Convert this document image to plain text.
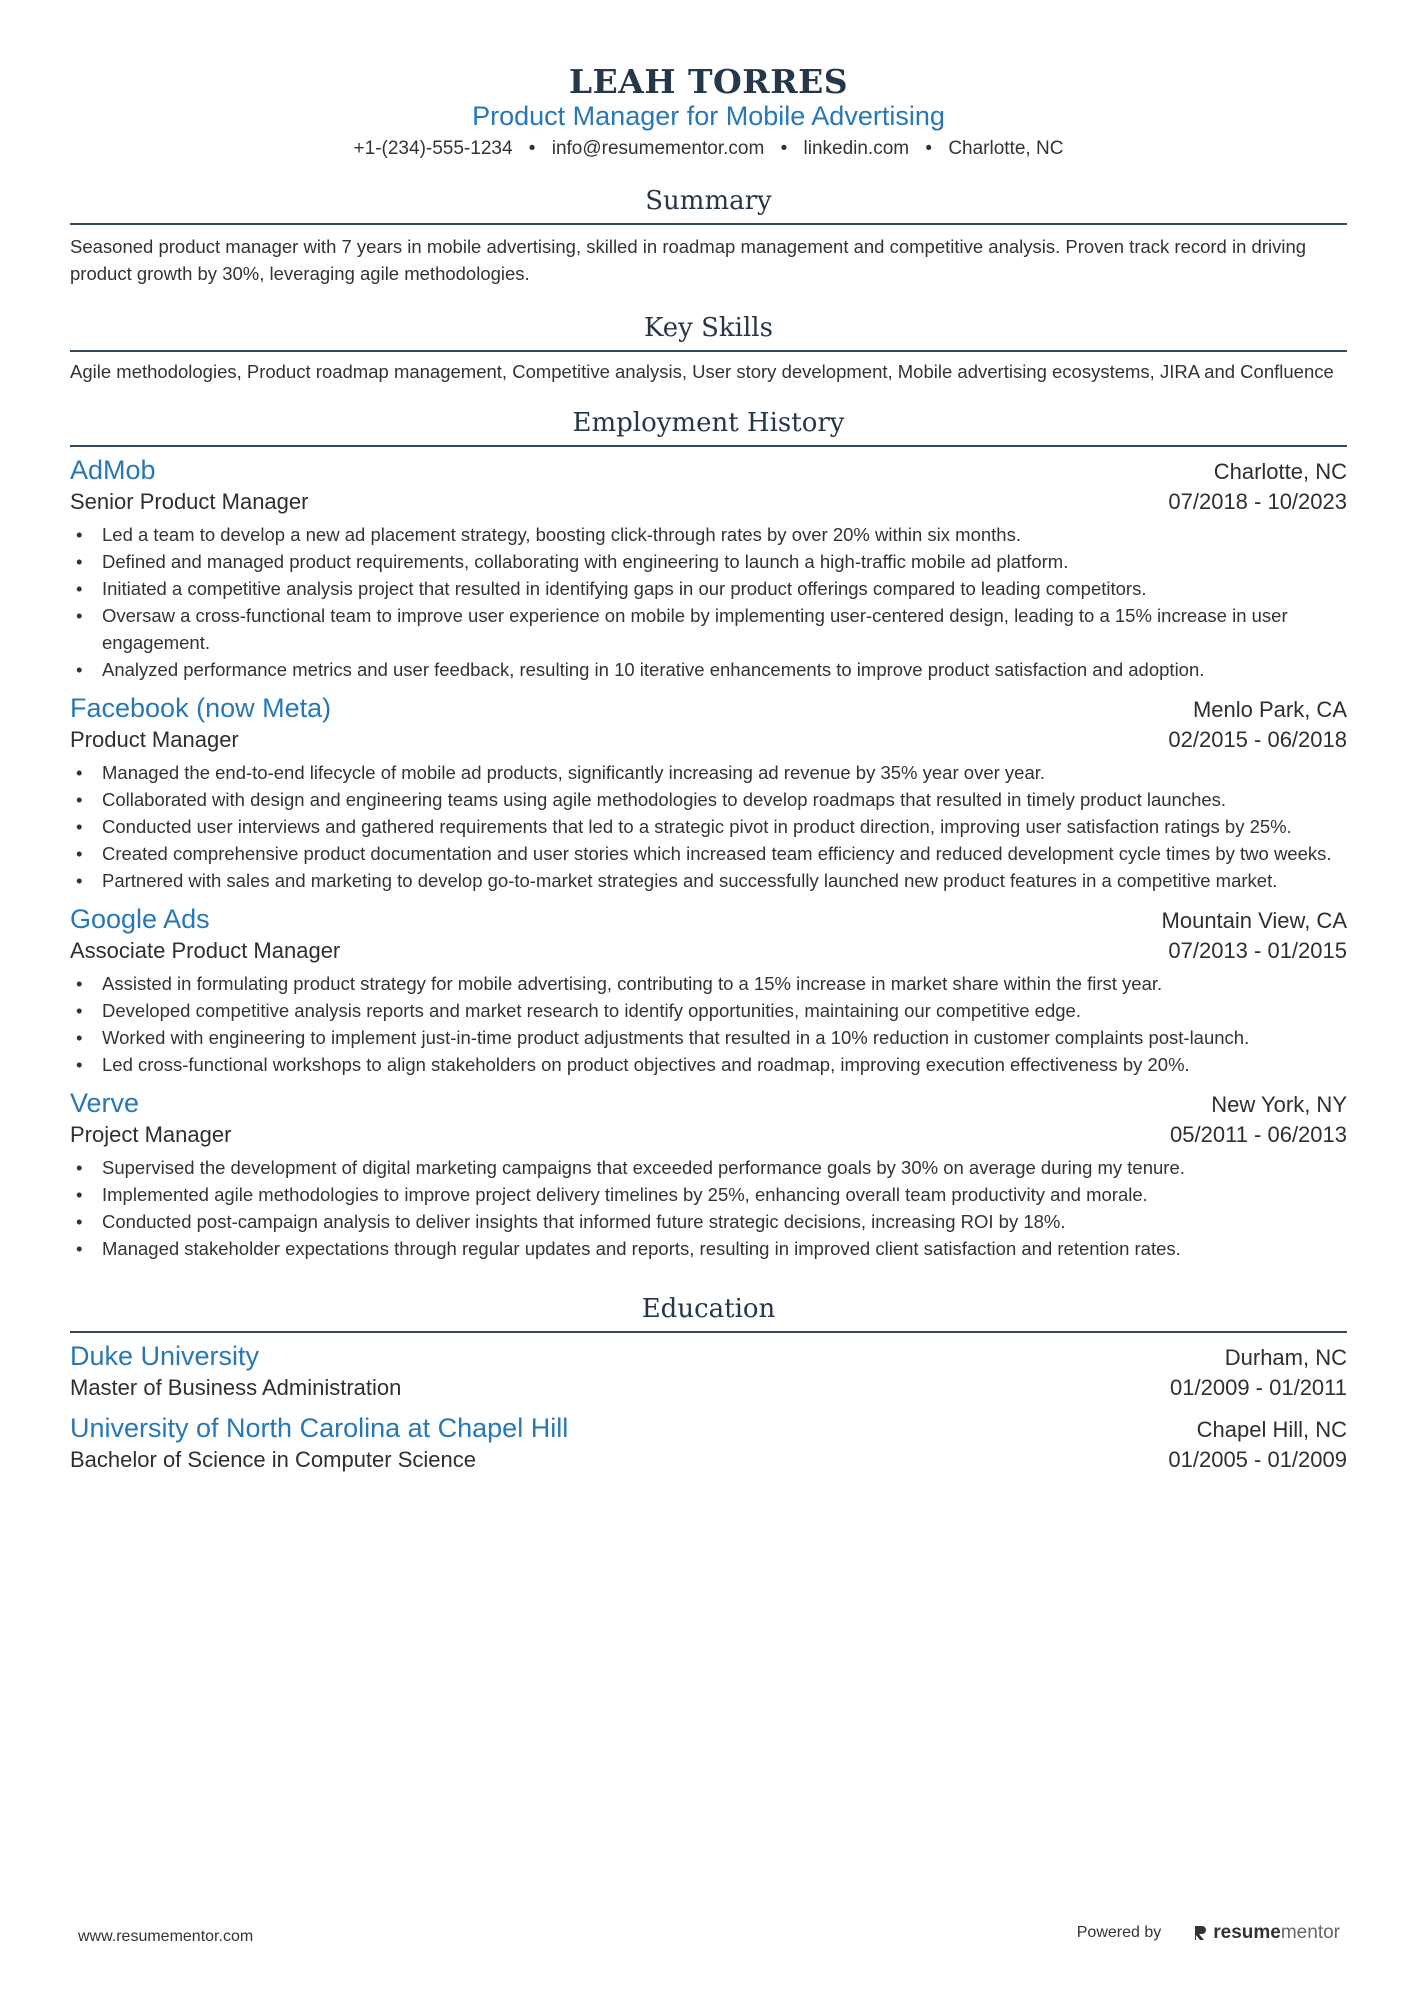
LEAH TORRES
Product Manager for Mobile Advertising
+1-(234)-555-1234 • info@resumementor.com • linkedin.com • Charlotte, NC
Summary
Seasoned product manager with 7 years in mobile advertising, skilled in roadmap management and competitive analysis. Proven track record in driving product growth by 30%, leveraging agile methodologies.
Key Skills
Agile methodologies, Product roadmap management, Competitive analysis, User story development, Mobile advertising ecosystems, JIRA and Confluence
Employment History
AdMob	Charlotte, NC
Senior Product Manager	07/2018 - 10/2023
• Led a team to develop a new ad placement strategy, boosting click-through rates by over 20% within six months.
• Defined and managed product requirements, collaborating with engineering to launch a high-traffic mobile ad platform.
• Initiated a competitive analysis project that resulted in identifying gaps in our product offerings compared to leading competitors.
• Oversaw a cross-functional team to improve user experience on mobile by implementing user-centered design, leading to a 15% increase in user engagement.
• Analyzed performance metrics and user feedback, resulting in 10 iterative enhancements to improve product satisfaction and adoption.
Facebook (now Meta)	Menlo Park, CA
Product Manager	02/2015 - 06/2018
• Managed the end-to-end lifecycle of mobile ad products, significantly increasing ad revenue by 35% year over year.
• Collaborated with design and engineering teams using agile methodologies to develop roadmaps that resulted in timely product launches.
• Conducted user interviews and gathered requirements that led to a strategic pivot in product direction, improving user satisfaction ratings by 25%.
• Created comprehensive product documentation and user stories which increased team efficiency and reduced development cycle times by two weeks.
• Partnered with sales and marketing to develop go-to-market strategies and successfully launched new product features in a competitive market.
Google Ads	Mountain View, CA
Associate Product Manager	07/2013 - 01/2015
• Assisted in formulating product strategy for mobile advertising, contributing to a 15% increase in market share within the first year.
• Developed competitive analysis reports and market research to identify opportunities, maintaining our competitive edge.
• Worked with engineering to implement just-in-time product adjustments that resulted in a 10% reduction in customer complaints post-launch.
• Led cross-functional workshops to align stakeholders on product objectives and roadmap, improving execution effectiveness by 20%.
Verve	New York, NY
Project Manager	05/2011 - 06/2013
• Supervised the development of digital marketing campaigns that exceeded performance goals by 30% on average during my tenure.
• Implemented agile methodologies to improve project delivery timelines by 25%, enhancing overall team productivity and morale.
• Conducted post-campaign analysis to deliver insights that informed future strategic decisions, increasing ROI by 18%.
• Managed stakeholder expectations through regular updates and reports, resulting in improved client satisfaction and retention rates.
Education
Duke University	Durham, NC
Master of Business Administration	01/2009 - 01/2011
University of North Carolina at Chapel Hill	Chapel Hill, NC
Bachelor of Science in Computer Science	01/2005 - 01/2009
www.resumementor.com	Powered by	resume mentor
